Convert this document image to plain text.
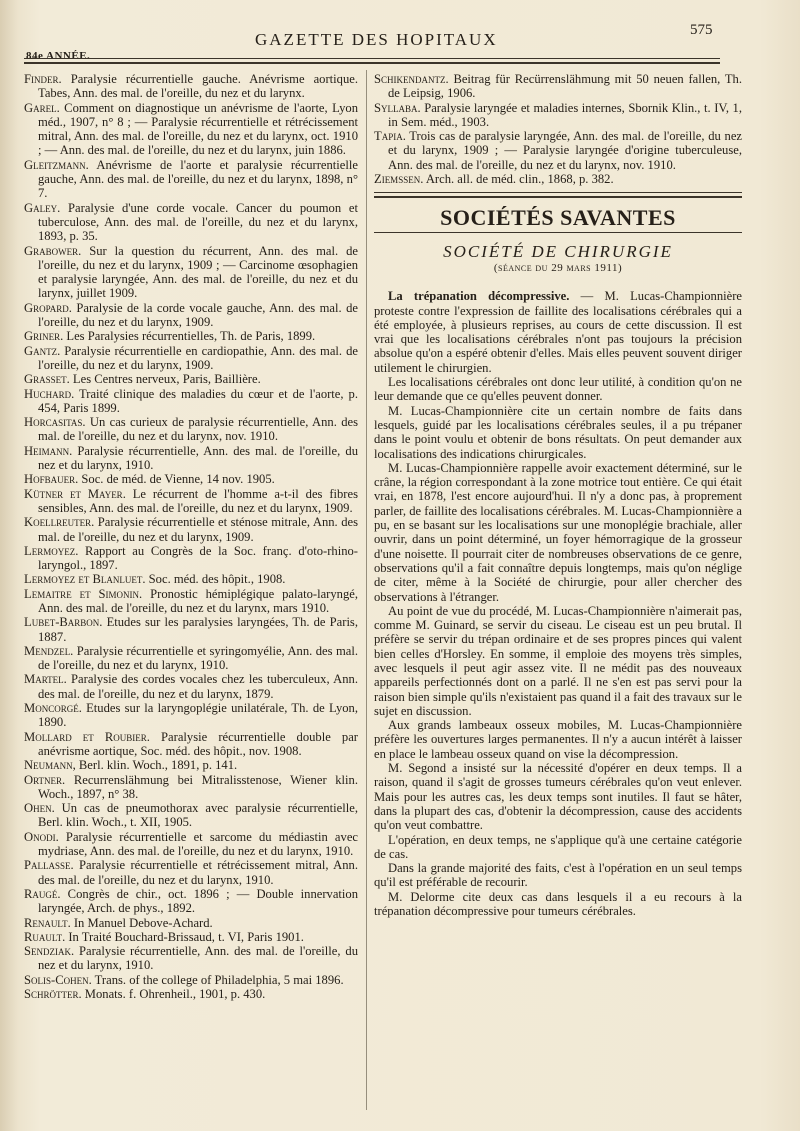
84e ANNÉE.
GAZETTE DES HOPITAUX	575

Finder. Paralysie récurrentielle gauche. Anévrisme aortique. Tabes, Ann. des mal. de l'oreille, du nez et du larynx.

Garel. Comment on diagnostique un anévrisme de l'aorte, Lyon méd., 1907, n° 8 ; — Paralysie récurrentielle et rétrécissement mitral, Ann. des mal. de l'oreille, du nez et du larynx, oct. 1910 ; — Ann. des mal. de l'oreille, du nez et du larynx, juin 1886.

Gleitzmann. Anévrisme de l'aorte et paralysie récurrentielle gauche, Ann. des mal. de l'oreille, du nez et du larynx, 1898, n° 7.

Galey. Paralysie d'une corde vocale. Cancer du poumon et tuberculose, Ann. des mal. de l'oreille, du nez et du larynx, 1893, p. 35.

Grabower. Sur la question du récurrent, Ann. des mal. de l'oreille, du nez et du larynx, 1909 ; — Carcinome œsophagien et paralysie laryngée, Ann. des mal. de l'oreille, du nez et du larynx, juillet 1909.

Gropard. Paralysie de la corde vocale gauche, Ann. des mal. de l'oreille, du nez et du larynx, 1909.

Griner. Les Paralysies récurrentielles, Th. de Paris, 1899.

Gantz. Paralysie récurrentielle en cardiopathie, Ann. des mal. de l'oreille, du nez et du larynx, 1909.

Grasset. Les Centres nerveux, Paris, Baillière.

Huchard. Traité clinique des maladies du cœur et de l'aorte, p. 454, Paris 1899.

Horcasitas. Un cas curieux de paralysie récurrentielle, Ann. des mal. de l'oreille, du nez et du larynx, nov. 1910.

Heimann. Paralysie récurrentielle, Ann. des mal. de l'oreille, du nez et du larynx, 1910.

Hofbauer. Soc. de méd. de Vienne, 14 nov. 1905.

Kütner et Mayer. Le récurrent de l'homme a-t-il des fibres sensibles, Ann. des mal. de l'oreille, du nez et du larynx, 1909.

Koellreuter. Paralysie récurrentielle et sténose mitrale, Ann. des mal. de l'oreille, du nez et du larynx, 1909.

Lermoyez. Rapport au Congrès de la Soc. franç. d'oto-rhino-laryngol., 1897.

Lermoyez et Blanluet. Soc. méd. des hôpit., 1908.

Lemaitre et Simonin. Pronostic hémiplégique palato-laryngé, Ann. des mal. de l'oreille, du nez et du larynx, mars 1910.

Lubet-Barbon. Etudes sur les paralysies laryngées, Th. de Paris, 1887.

Mendzel. Paralysie récurrentielle et syringomyélie, Ann. des mal. de l'oreille, du nez et du larynx, 1910.

Martel. Paralysie des cordes vocales chez les tuberculeux, Ann. des mal. de l'oreille, du nez et du larynx, 1879.

Moncorgé. Etudes sur la laryngoplégie unilatérale, Th. de Lyon, 1890.

Mollard et Roubier. Paralysie récurrentielle double par anévrisme aortique, Soc. méd. des hôpit., nov. 1908.

Neumann, Berl. klin. Woch., 1891, p. 141.

Ortner. Recurrenslähmung bei Mitralisstenose, Wiener klin. Woch., 1897, n° 38.

Ohen. Un cas de pneumothorax avec paralysie récurrentielle, Berl. klin. Woch., t. XII, 1905.

Onodi. Paralysie récurrentielle et sarcome du médiastin avec mydriase, Ann. des mal. de l'oreille, du nez et du larynx, 1910.

Pallasse. Paralysie récurrentielle et rétrécissement mitral, Ann. des mal. de l'oreille, du nez et du larynx, 1910.

Raugé. Congrès de chir., oct. 1896 ; — Double innervation laryngée, Arch. de phys., 1892.

Renault. In Manuel Debove-Achard.

Ruault. In Traité Bouchard-Brissaud, t. VI, Paris 1901.

Sendziak. Paralysie récurrentielle, Ann. des mal. de l'oreille, du nez et du larynx, 1910.

Solis-Cohen. Trans. of the college of Philadelphia, 5 mai 1896.

Schrötter. Monats. f. Ohrenheil., 1901, p. 430.

Schikendantz. Beitrag für Recürrenslähmung mit 50 neuen fallen, Th. de Leipsig, 1906.

Syllaba. Paralysie laryngée et maladies internes, Sbornik Klin., t. IV, 1, in Sem. méd., 1903.

Tapia. Trois cas de paralysie laryngée, Ann. des mal. de l'oreille, du nez et du larynx, 1909 ; — Paralysie laryngée d'origine tuberculeuse, Ann. des mal. de l'oreille, du nez et du larynx, nov. 1910.

Ziemssen. Arch. all. de méd. clin., 1868, p. 382.

SOCIÉTÉS SAVANTES
SOCIÉTÉ DE CHIRURGIE
(séance du 29 mars 1911)

La trépanation décompressive. — M. Lucas-Championnière proteste contre l'expression de faillite des localisations cérébrales qui a été employée, à plusieurs reprises, au cours de cette discussion. Il est vrai que les localisations cérébrales n'ont pas toujours la précision absolue qu'on a espéré obtenir d'elles. Mais elles peuvent souvent diriger utilement le chirurgien.

Les localisations cérébrales ont donc leur utilité, à condition qu'on ne leur demande que ce qu'elles peuvent donner.

M. Lucas-Championnière cite un certain nombre de faits dans lesquels, guidé par les localisations cérébrales seules, il a pu trépaner dans le point voulu et obtenir de bons résultats. On peut demander aux localisations des indications chirurgicales.

M. Lucas-Championnière rappelle avoir exactement déterminé, sur le crâne, la région correspondant à la zone motrice tout entière. Ce qui était vrai, en 1878, l'est encore aujourd'hui. Il n'y a donc pas, à proprement parler, de faillite des localisations cérébrales. M. Lucas-Championnière a pu, en se basant sur les localisations sur une monoplégie brachiale, aller ouvrir, dans un point déterminé, un foyer hémorragique de la grosseur d'une noisette. Il pourrait citer de nombreuses observations de ce genre, observations qu'il a fait connaître depuis longtemps, mais qu'on néglige de citer, même à la Société de chirurgie, pour aller chercher des observations à l'étranger.

Au point de vue du procédé, M. Lucas-Championnière n'aimerait pas, comme M. Guinard, se servir du ciseau. Le ciseau est un peu brutal. Il préfère se servir du trépan ordinaire et de ses propres pinces qui valent bien celles d'Horsley. En somme, il emploie des moyens très simples, avec lesquels il peut agir assez vite. Il ne médit pas des nouveaux appareils perfectionnés dont on a parlé. Il ne s'en est pas servi pour la raison bien simple qu'ils n'existaient pas quand il a fait des travaux sur le sujet en discussion.

Aux grands lambeaux osseux mobiles, M. Lucas-Championnière préfère les ouvertures larges permanentes. Il n'y a aucun intérêt à laisser en place le lambeau osseux quand on vise la décompression.

M. Segond a insisté sur la nécessité d'opérer en deux temps. Il a raison, quand il s'agit de grosses tumeurs cérébrales qu'on veut enlever. Mais pour les autres cas, les deux temps sont inutiles. Il faut se hâter, dans la plupart des cas, d'obtenir la décompression, cause des accidents qu'on veut combattre.

L'opération, en deux temps, ne s'applique qu'à une certaine catégorie de cas.

Dans la grande majorité des faits, c'est à l'opération en un seul temps qu'il est préférable de recourir.

M. Delorme cite deux cas dans lesquels il a eu recours à la trépanation décompressive pour tumeurs cérébrales.
